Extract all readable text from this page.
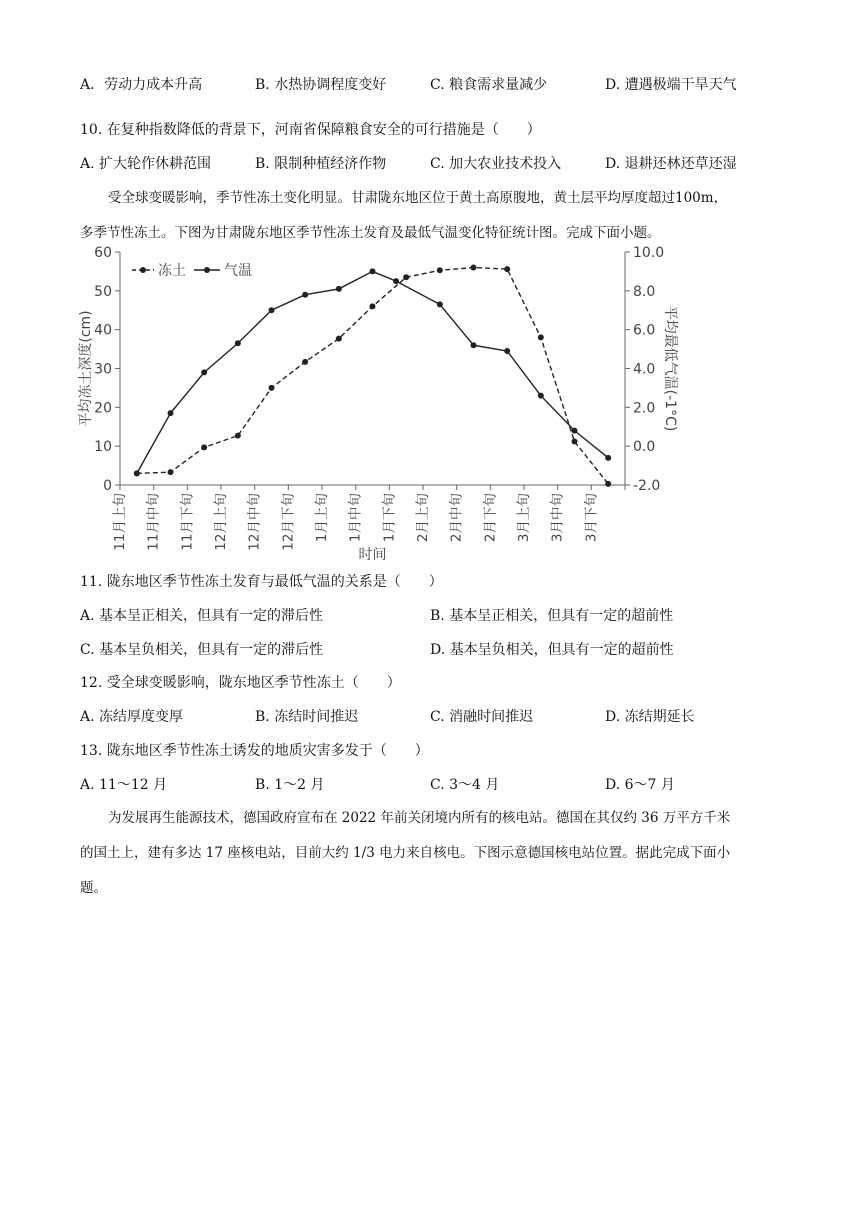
A．劳动力成本升高	B. 水热协调程度变好	C. 粮食需求量减少	D. 遭遇极端干旱天气
10. 在复种指数降低的背景下，河南省保障粮食安全的可行措施是（　　）
A. 扩大轮作休耕范围	B. 限制种植经济作物	C. 加大农业技术投入	D. 退耕还林还草还湿
受全球变暖影响，季节性冻土变化明显。甘肃陇东地区位于黄土高原腹地，黄土层平均厚度超过100m，
多季节性冻土。下图为甘肃陇东地区季节性冻土发育及最低气温变化特征统计图。完成下面小题。
0
10
20
30
40
50
60
-2.0
0.0
2.0
4.0
6.0
8.0
10.0
11月上旬 11月中旬 11月下旬 12月上旬 12月中旬 12月下旬 1月上旬 1月中旬 1月下旬 2月上旬 2月中旬 2月下旬 3月上旬 3月中旬 3月下旬
平均冻土深度(cm)	平均最低气温(-1°C)
时间
冻土	气温
11. 陇东地区季节性冻土发育与最低气温的关系是（　　）
A. 基本呈正相关，但具有一定的滞后性	B. 基本呈正相关，但具有一定的超前性
C. 基本呈负相关，但具有一定的滞后性	D. 基本呈负相关，但具有一定的超前性
12. 受全球变暖影响，陇东地区季节性冻土（　　）
A. 冻结厚度变厚	B. 冻结时间推迟	C. 消融时间推迟	D. 冻结期延长
13. 陇东地区季节性冻土诱发的地质灾害多发于（　　）
A. 11～12 月	B. 1～2 月	C. 3～4 月	D. 6～7 月
为发展再生能源技术，德国政府宣布在 2022 年前关闭境内所有的核电站。德国在其仅约 36 万平方千米
的国土上，建有多达 17 座核电站，目前大约 1/3 电力来自核电。下图示意德国核电站位置。据此完成下面小
题。
